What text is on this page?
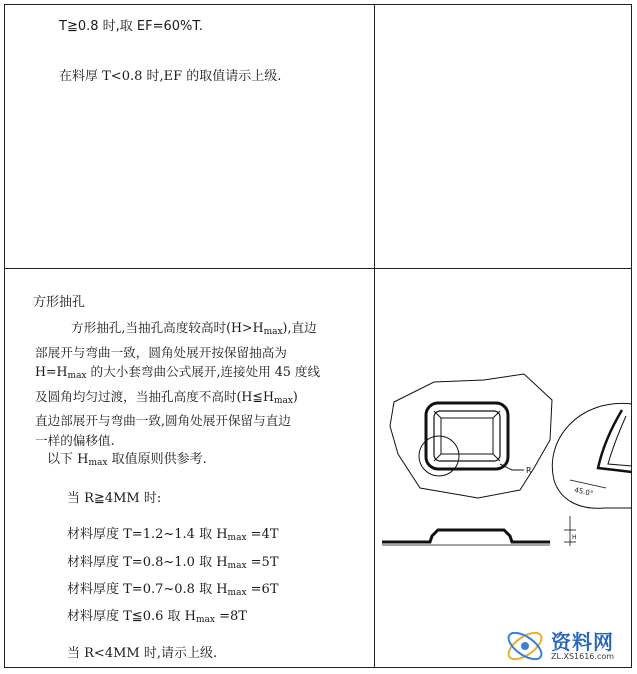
T≧0.8 时,取 EF=60%T.
在料厚 T<0.8 时,EF 的取值请示上级.
方形抽孔
方形抽孔,当抽孔高度较高时$(H>H_{max})$,直边
部展开与弯曲一致，圆角处展开按保留抽高为
$H=H_{max}$ 的大小套弯曲公式展开,连接处用 45 度线
及圆角均匀过渡，当抽孔高度不高时$(H≦H_{max})$
直边部展开与弯曲一致,圆角处展开保留与直边
一样的偏移值.
以下 $H_{max}$ 取值原则供参考.
当 R≧4MM 时:
材料厚度 T=1.2~1.4 取 $H_{max} =4T$
材料厚度 T=0.8~1.0 取 $H_{max} =5T$
材料厚度 T=0.7~0.8 取 $H_{max} =6T$
材料厚度 T≦0.6 取 $H_{max} =8T$
当 R<4MM 时,请示上级.
R
45.0°
H
资料网
ZL.XS1616.com
